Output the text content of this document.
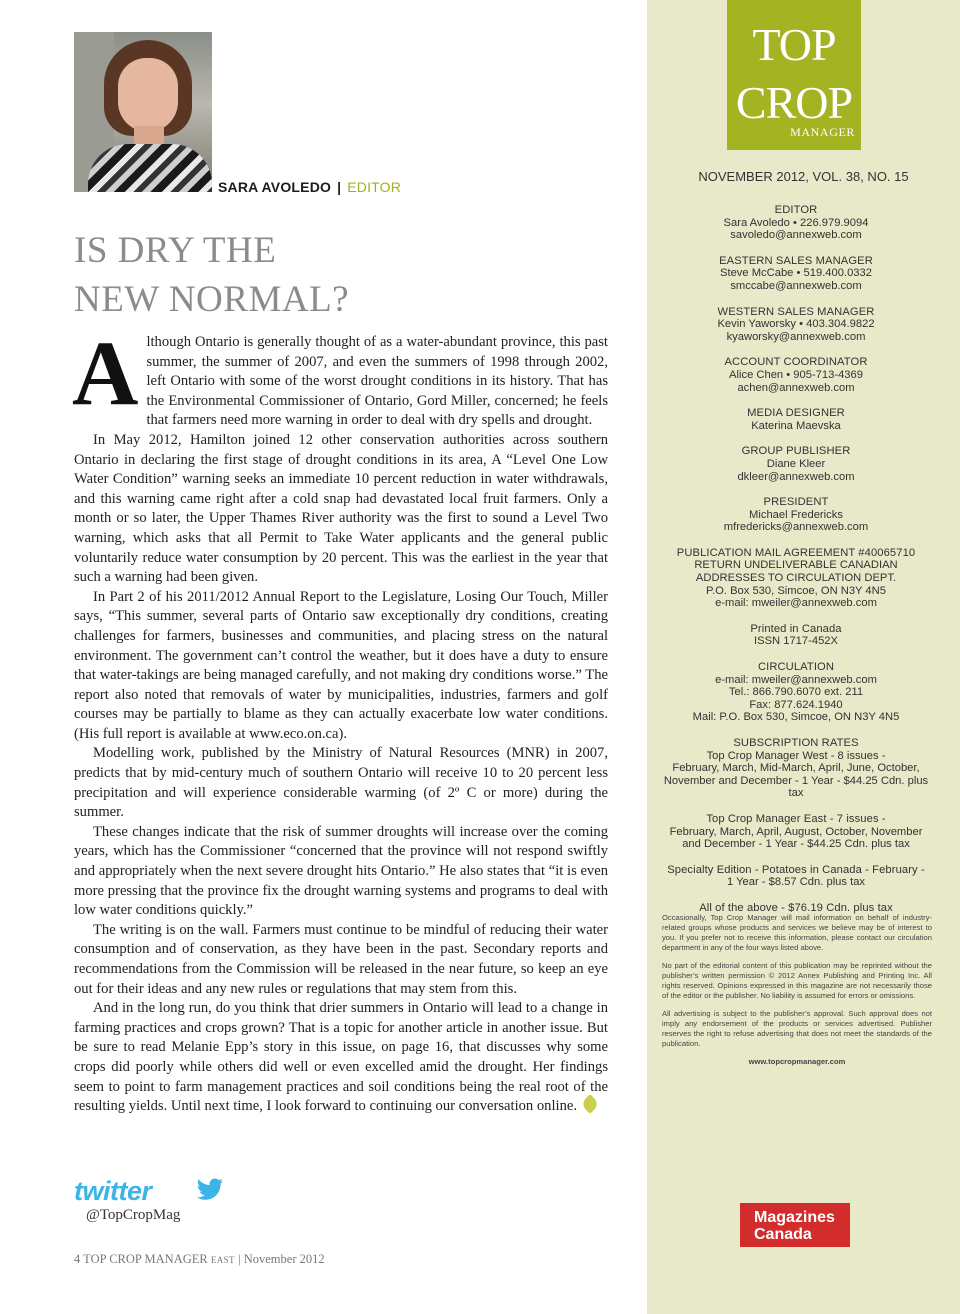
SARA AVOLEDO | EDITOR
IS DRY THE
NEW NORMAL?

Although Ontario is generally thought of as a water-abundant province, this past summer, the summer of 2007, and even the summers of 1998 through 2002, left Ontario with some of the worst drought conditions in its history. That has the Environmental Commissioner of Ontario, Gord Miller, concerned; he feels that farmers need more warning in order to deal with dry spells and drought.

In May 2012, Hamilton joined 12 other conservation authorities across southern Ontario in declaring the first stage of drought conditions in its area, A “Level One Low Water Condition” warning seeks an immediate 10 percent reduction in water withdrawals, and this warning came right after a cold snap had devastated local fruit farmers. Only a month or so later, the Upper Thames River authority was the first to sound a Level Two warning, which asks that all Permit to Take Water applicants and the general public voluntarily reduce water consumption by 20 percent. This was the earliest in the year that such a warning had been given.

In Part 2 of his 2011/2012 Annual Report to the Legislature, Losing Our Touch, Miller says, “This summer, several parts of Ontario saw exceptionally dry conditions, creating challenges for farmers, businesses and communities, and placing stress on the natural environment. The government can’t control the weather, but it does have a duty to ensure that water-takings are being managed carefully, and not making dry conditions worse.” The report also noted that removals of water by municipalities, industries, farmers and golf courses may be partially to blame as they can actually exacerbate low water conditions. (His full report is available at www.eco.on.ca).

Modelling work, published by the Ministry of Natural Resources (MNR) in 2007, predicts that by mid-century much of southern Ontario will receive 10 to 20 percent less precipitation and will experience considerable warming (of 2º C or more) during the summer.

These changes indicate that the risk of summer droughts will increase over the coming years, which has the Commissioner “concerned that the province will not respond swiftly and appropriately when the next severe drought hits Ontario.” He also states that “it is even more pressing that the province fix the drought warning systems and programs to deal with low water conditions quickly.”

The writing is on the wall. Farmers must continue to be mindful of reducing their water consumption and of conservation, as they have been in the past. Secondary reports and recommendations from the Commission will be released in the near future, so keep an eye out for their ideas and any new rules or regulations that may stem from this.

And in the long run, do you think that drier summers in Ontario will lead to a change in farming practices and crops grown? That is a topic for another article in another issue. But be sure to read Melanie Epp’s story in this issue, on page 16, that discusses why some crops did poorly while others did well or even excelled amid the drought. Her findings seem to point to farm management practices and soil conditions being the real root of the resulting yields. Until next time, I look forward to continuing our conversation online.

twitter
@TopCropMag
4 TOP CROP MANAGER EAST | November 2012
TOP
CROP
MANAGER
NOVEMBER 2012, VOL. 38, NO. 15
EDITOR
Sara Avoledo • 226.979.9094
savoledo@annexweb.com
EASTERN SALES MANAGER
Steve McCabe • 519.400.0332
smccabe@annexweb.com
WESTERN SALES MANAGER
Kevin Yaworsky • 403.304.9822
kyaworsky@annexweb.com
ACCOUNT COORDINATOR
Alice Chen • 905-713-4369
achen@annexweb.com
MEDIA DESIGNER
Katerina Maevska
GROUP PUBLISHER
Diane Kleer
dkleer@annexweb.com
PRESIDENT
Michael Fredericks
mfredericks@annexweb.com
PUBLICATION MAIL AGREEMENT #40065710
RETURN UNDELIVERABLE CANADIAN
ADDRESSES TO CIRCULATION DEPT.
P.O. Box 530, Simcoe, ON N3Y 4N5
e-mail: mweiler@annexweb.com
Printed in Canada
ISSN 1717-452X
CIRCULATION
e-mail: mweiler@annexweb.com
Tel.: 866.790.6070 ext. 211
Fax: 877.624.1940
Mail: P.O. Box 530, Simcoe, ON N3Y 4N5
SUBSCRIPTION RATES
Top Crop Manager West - 8 issues -
February, March, Mid-March, April, June, October,
November and December - 1 Year - $44.25 Cdn. plus tax
Top Crop Manager East - 7 issues -
February, March, April, August, October, November
and December - 1 Year - $44.25 Cdn. plus tax
Specialty Edition - Potatoes in Canada - February -
1 Year - $8.57 Cdn. plus tax
All of the above - $76.19 Cdn. plus tax

Occasionally, Top Crop Manager will mail information on behalf of industry-related groups whose products and services we believe may be of interest to you. If you prefer not to receive this information, please contact our circulation department in any of the four ways listed above.

No part of the editorial content of this publication may be reprinted without the publisher’s written permission © 2012 Annex Publishing and Printing Inc. All rights reserved. Opinions expressed in this magazine are not necessarily those of the editor or the publisher. No liability is assumed for errors or omissions.

All advertising is subject to the publisher’s approval. Such approval does not imply any endorsement of the products or services advertised. Publisher reserves the right to refuse advertising that does not meet the standards of the publication.

www.topcropmanager.com
Magazines
Canada
